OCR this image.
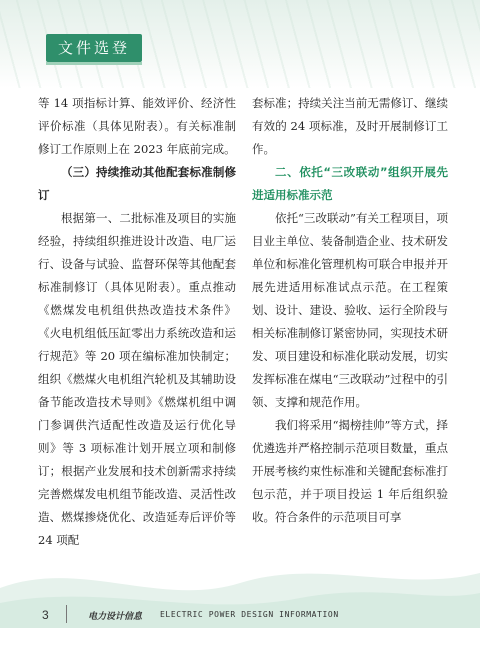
文件选登

等 14 项指标计算、能效评价、经济性评价标准（具体见附表）。有关标准制修订工作原则上在 2023 年底前完成。

（三）持续推动其他配套标准制修订

根据第一、二批标准及项目的实施经验，持续组织推进设计改造、电厂运行、设备与试验、监督环保等其他配套标准制修订（具体见附表）。重点推动《燃煤发电机组供热改造技术条件》《火电机组低压缸零出力系统改造和运行规范》等 20 项在编标准加快制定；组织《燃煤火电机组汽轮机及其辅助设备节能改造技术导则》《燃煤机组中调门参调供汽适配性改造及运行优化导则》等 3 项标准计划开展立项和制修订；根据产业发展和技术创新需求持续完善燃煤发电机组节能改造、灵活性改造、燃煤掺烧优化、改造延寿后评价等 24 项配

套标准；持续关注当前无需修订、继续有效的 24 项标准，及时开展制修订工作。

二、依托“三改联动”组织开展先进适用标准示范

依托“三改联动”有关工程项目，项目业主单位、装备制造企业、技术研发单位和标准化管理机构可联合申报并开展先进适用标准试点示范。在工程策划、设计、建设、验收、运行全阶段与相关标准制修订紧密协同，实现技术研发、项目建设和标准化联动发展，切实发挥标准在煤电“三改联动”过程中的引领、支撑和规范作用。

我们将采用“揭榜挂帅”等方式，择优遴选并严格控制示范项目数量，重点开展考核约束性标准和关键配套标准打包示范，并于项目投运 1 年后组织验收。符合条件的示范项目可享

3	电力设计信息 ELECTRIC POWER DESIGN INFORMATION
